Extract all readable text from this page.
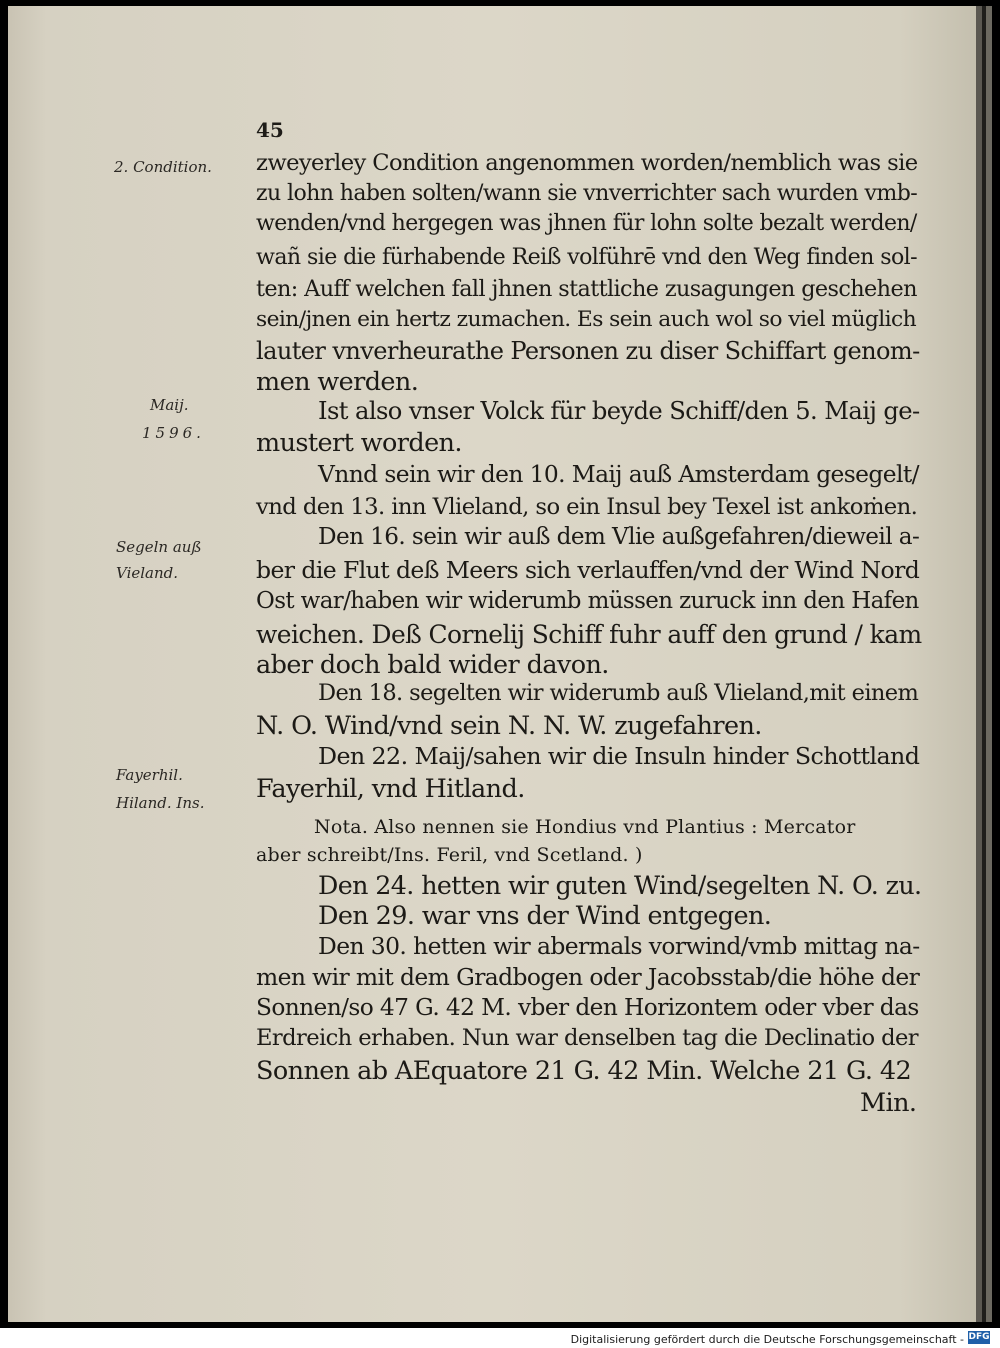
45
2. Condition.
Maij.
1596.
Segeln auß
Vieland.
Fayerhil.
Hiland. Ins.
zweyerley Condition angenommen worden/nemblich was sie
zu lohn haben solten/wann sie vnverrichter sach wurden vmb-
wenden/vnd hergegen was jhnen für lohn solte bezalt werden/
wañ sie die fürhabende Reiß volführē vnd den Weg finden sol-
ten: Auff welchen fall jhnen stattliche zusagungen geschehen
sein/jnen ein hertz zumachen. Es sein auch wol so viel müglich
lauter vnverheurathe Personen zu diser Schiffart genom-
men werden.
Ist also vnser Volck für beyde Schiff/den 5. Maij ge-
mustert worden.
Vnnd sein wir den 10. Maij auß Amsterdam gesegelt/
vnd den 13. inn Vlieland, so ein Insul bey Texel ist ankoṁen.
Den 16. sein wir auß dem Vlie außgefahren/dieweil a-
ber die Flut deß Meers sich verlauffen/vnd der Wind Nord
Ost war/haben wir widerumb müssen zuruck inn den Hafen
weichen. Deß Cornelij Schiff fuhr auff den grund / kam
aber doch bald wider davon.
Den 18. segelten wir widerumb auß Vlieland,mit einem
N. O. Wind/vnd sein N. N. W. zugefahren.
Den 22. Maij/sahen wir die Insuln hinder Schottland
Fayerhil, vnd Hitland.
Nota. Also nennen sie Hondius vnd Plantius : Mercator
aber schreibt/Ins. Feril, vnd Scetland. )
Den 24. hetten wir guten Wind/segelten N. O. zu.
Den 29. war vns der Wind entgegen.
Den 30. hetten wir abermals vorwind/vmb mittag na-
men wir mit dem Gradbogen oder Jacobsstab/die höhe der
Sonnen/so 47 G. 42 M. vber den Horizontem oder vber das
Erdreich erhaben. Nun war denselben tag die Declinatio der
Sonnen ab AEquatore 21 G. 42 Min. Welche 21 G. 42
Min.
Digitalisierung gefördert durch die Deutsche Forschungsgemeinschaft - DFG
